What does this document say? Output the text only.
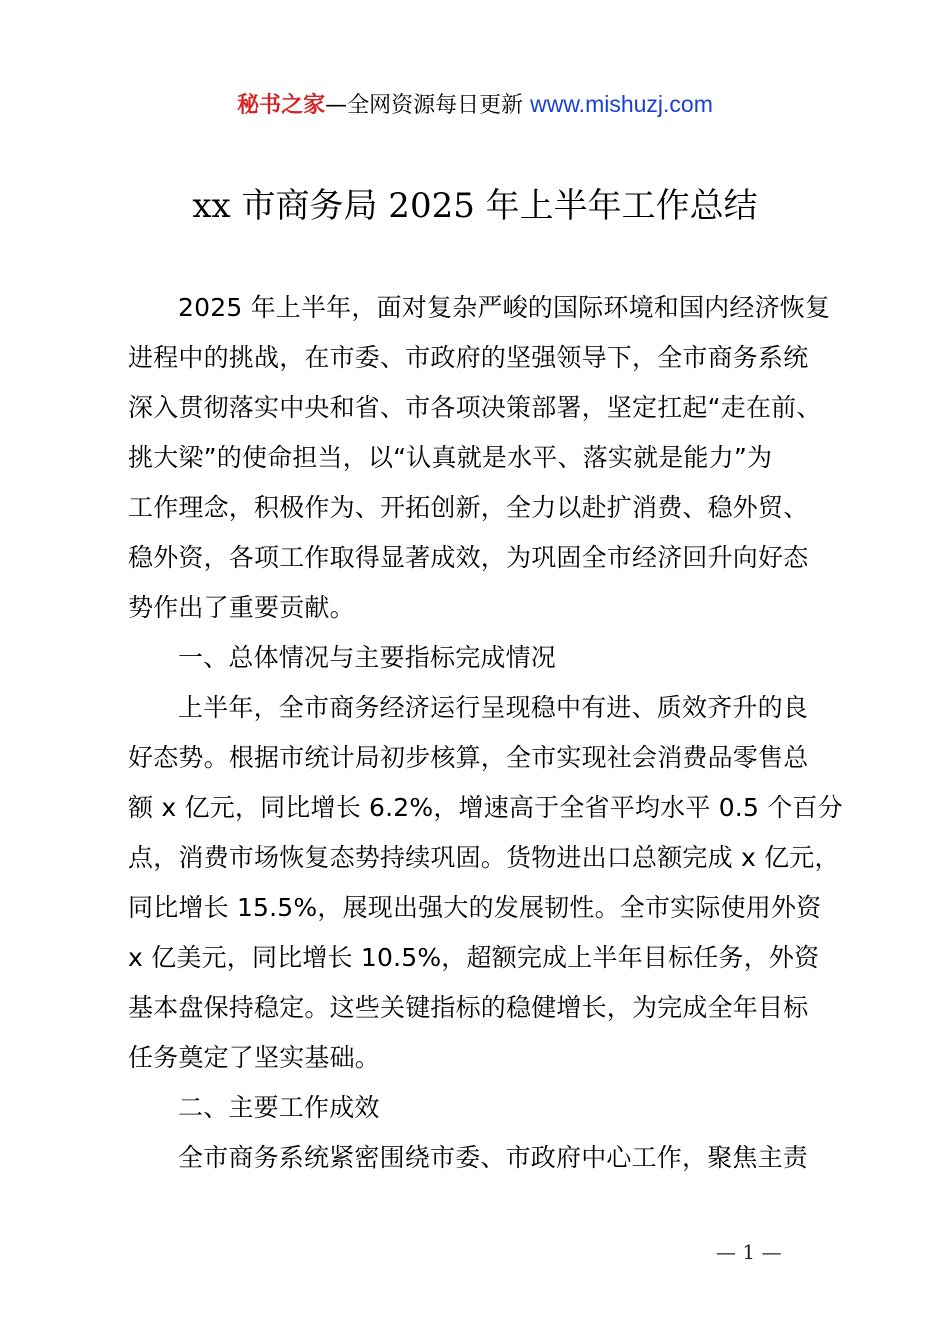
秘书之家—全网资源每日更新 www.mishuzj.com
xx 市商务局 2025 年上半年工作总结
2025 年上半年，面对复杂严峻的国际环境和国内经济恢复
进程中的挑战，在市委、市政府的坚强领导下，全市商务系统
深入贯彻落实中央和省、市各项决策部署，坚定扛起“走在前、
挑大梁”的使命担当，以“认真就是水平、落实就是能力”为
工作理念，积极作为、开拓创新，全力以赴扩消费、稳外贸、
稳外资，各项工作取得显著成效，为巩固全市经济回升向好态
势作出了重要贡献。
一、总体情况与主要指标完成情况
上半年，全市商务经济运行呈现稳中有进、质效齐升的良
好态势。根据市统计局初步核算，全市实现社会消费品零售总
额 x 亿元，同比增长 6.2%，增速高于全省平均水平 0.5 个百分
点，消费市场恢复态势持续巩固。货物进出口总额完成 x 亿元，
同比增长 15.5%，展现出强大的发展韧性。全市实际使用外资
x 亿美元，同比增长 10.5%，超额完成上半年目标任务，外资
基本盘保持稳定。这些关键指标的稳健增长，为完成全年目标
任务奠定了坚实基础。
二、主要工作成效
全市商务系统紧密围绕市委、市政府中心工作，聚焦主责
— 1 —
